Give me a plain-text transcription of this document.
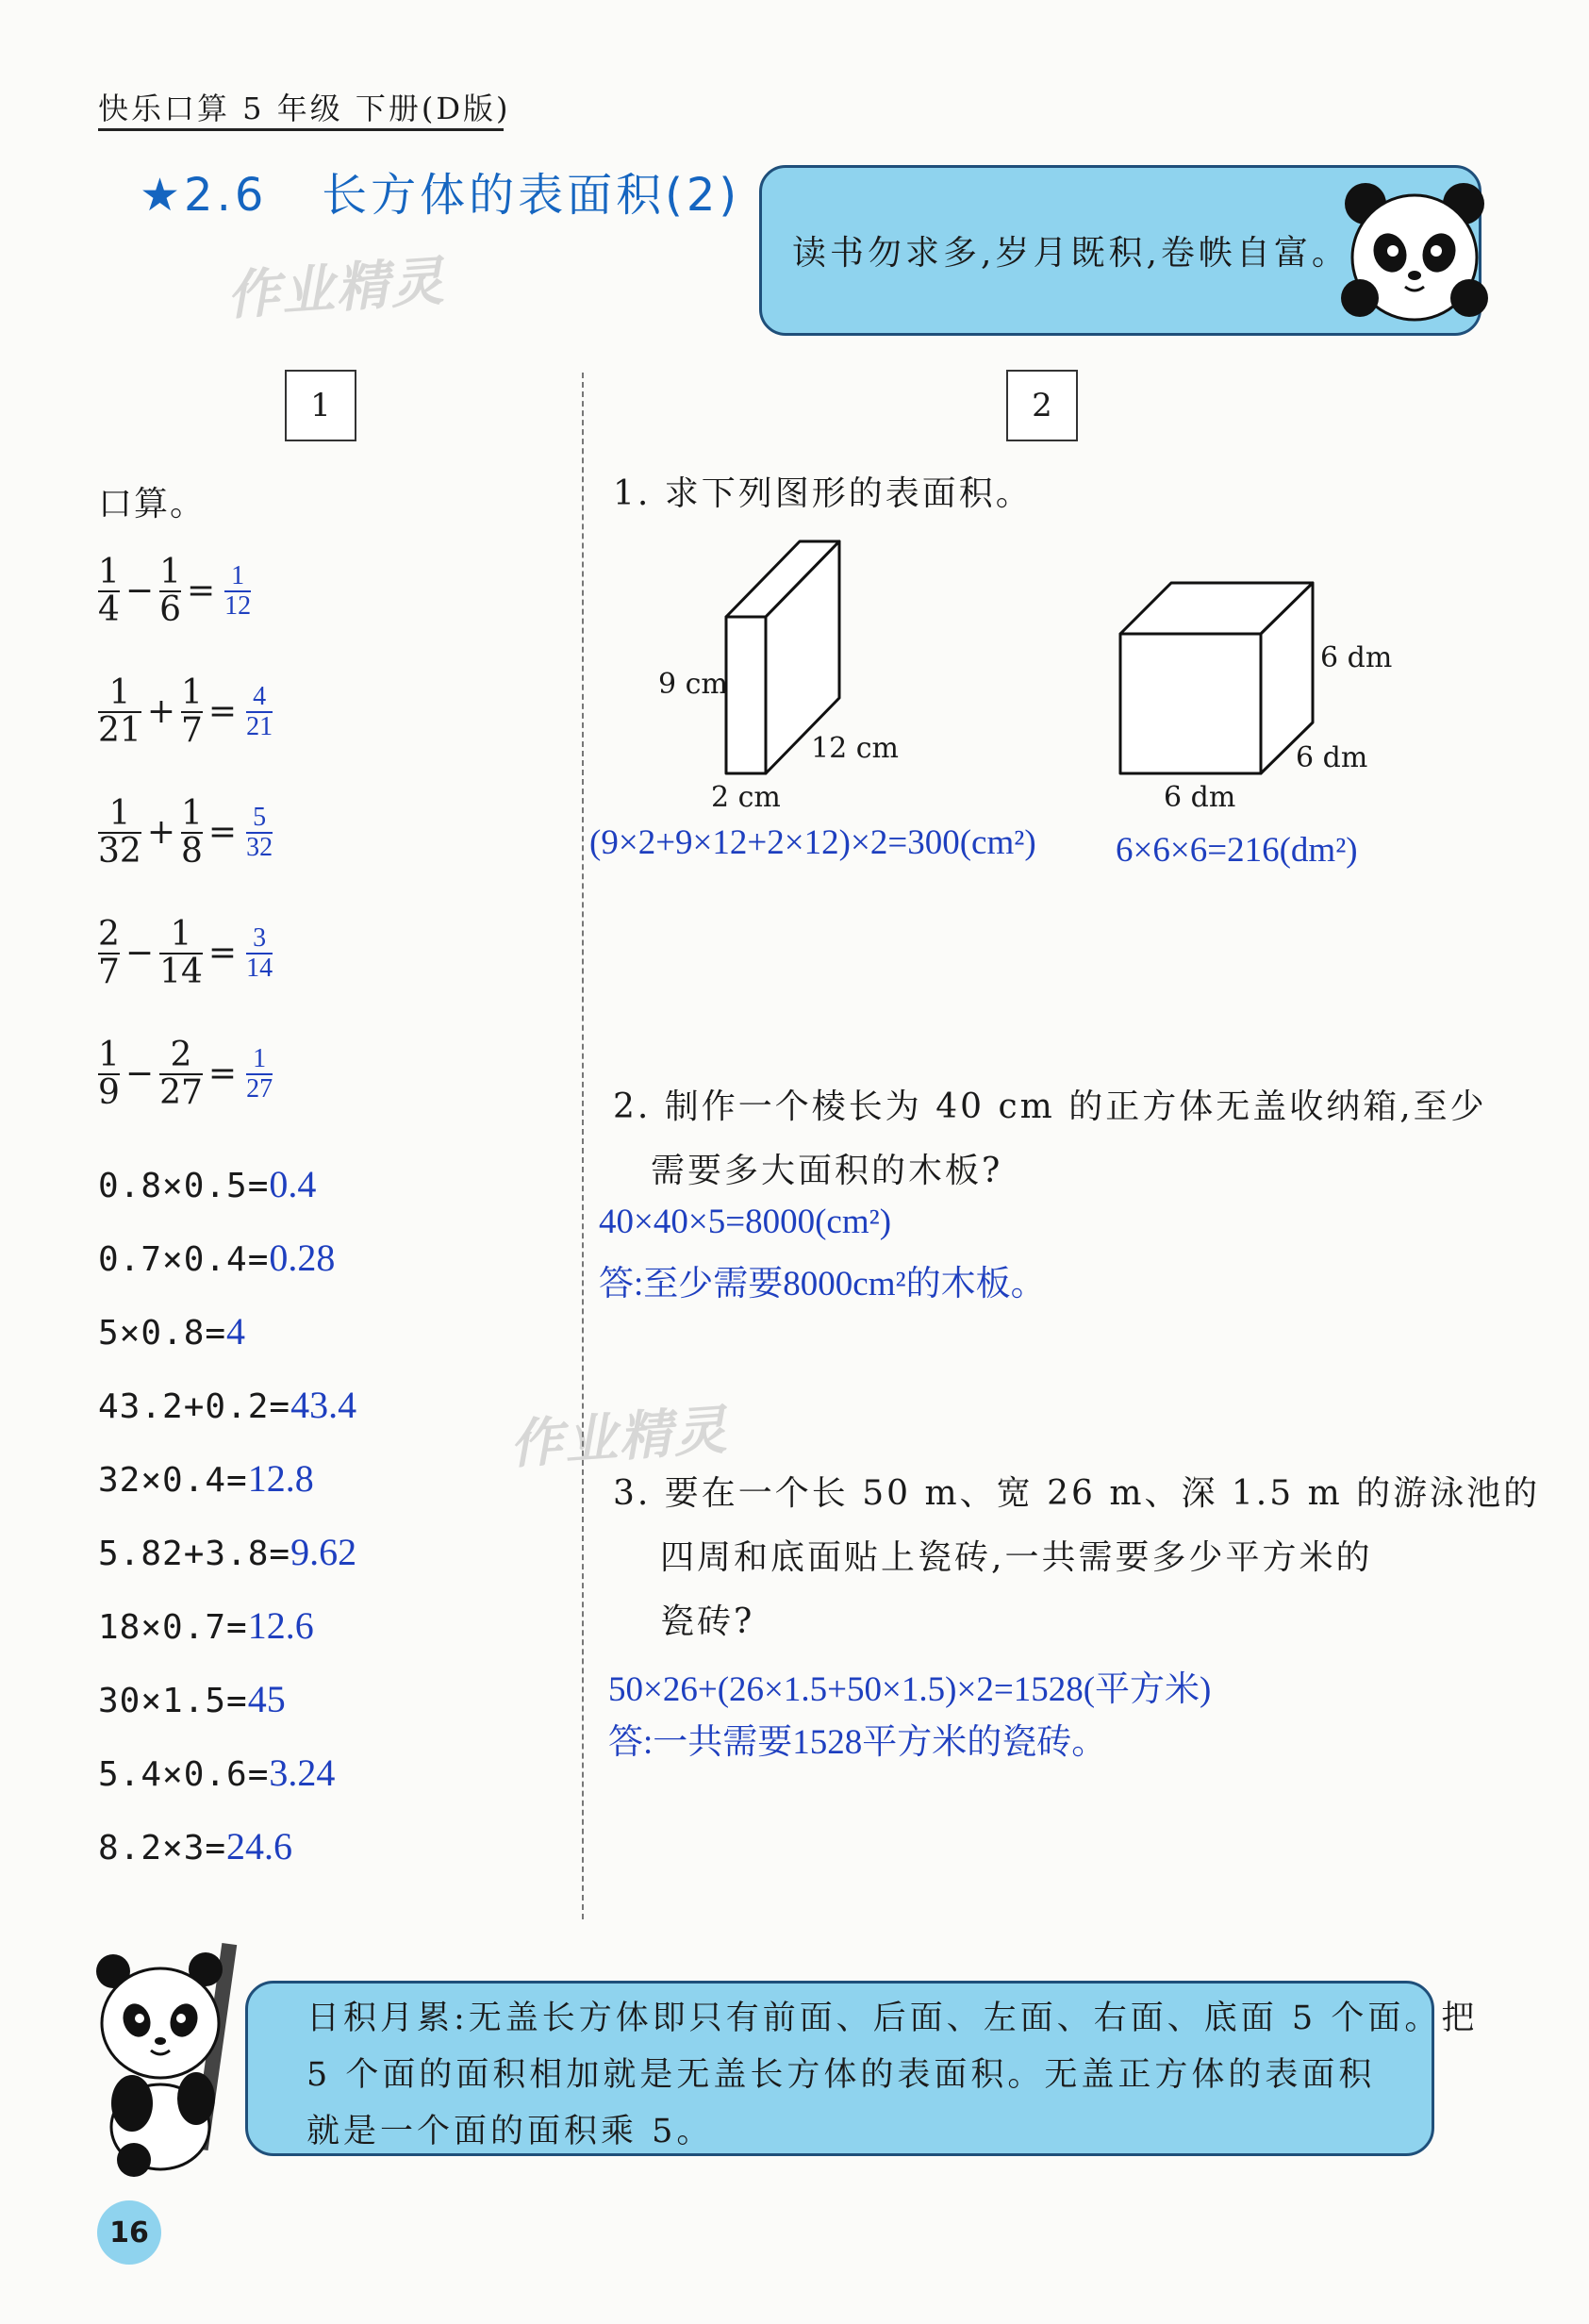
快乐口算 5 年级 下册(D版)
★2.6 长方体的表面积(2)
作业精灵
作业精灵
读书勿求多,岁月既积,卷帙自富。
1	2
口算。
$\frac{1}{4} - \frac{1}{6} = \frac{1}{12}$
$\frac{1}{21} + \frac{1}{7} = \frac{4}{21}$
$\frac{1}{32} + \frac{1}{8} = \frac{5}{32}$
$\frac{2}{7} - \frac{1}{14} = \frac{3}{14}$
$\frac{1}{9} - \frac{2}{27} = \frac{1}{27}$
0.8×0.5=0.4
0.7×0.4=0.28
5×0.8=4
43.2+0.2=43.4
32×0.4=12.8
5.82+3.8=9.62
18×0.7=12.6
30×1.5=45
5.4×0.6=3.24
8.2×3=24.6
1. 求下列图形的表面积。
9 cm
12 cm
2 cm
6 dm
6 dm
6 dm
(9×2+9×12+2×12)×2=300(cm²) 6×6×6=216(dm²)
2. 制作一个棱长为 40 cm 的正方体无盖收纳箱,至少
需要多大面积的木板?
40×40×5=8000(cm²)
答:至少需要8000cm²的木板。
3. 要在一个长 50 m、宽 26 m、深 1.5 m 的游泳池的
四周和底面贴上瓷砖,一共需要多少平方米的
瓷砖?
50×26+(26×1.5+50×1.5)×2=1528(平方米)
答:一共需要1528平方米的瓷砖。
日积月累:无盖长方体即只有前面、后面、左面、右面、底面 5 个面。把
5 个面的面积相加就是无盖长方体的表面积。无盖正方体的表面积
就是一个面的面积乘 5。
16
